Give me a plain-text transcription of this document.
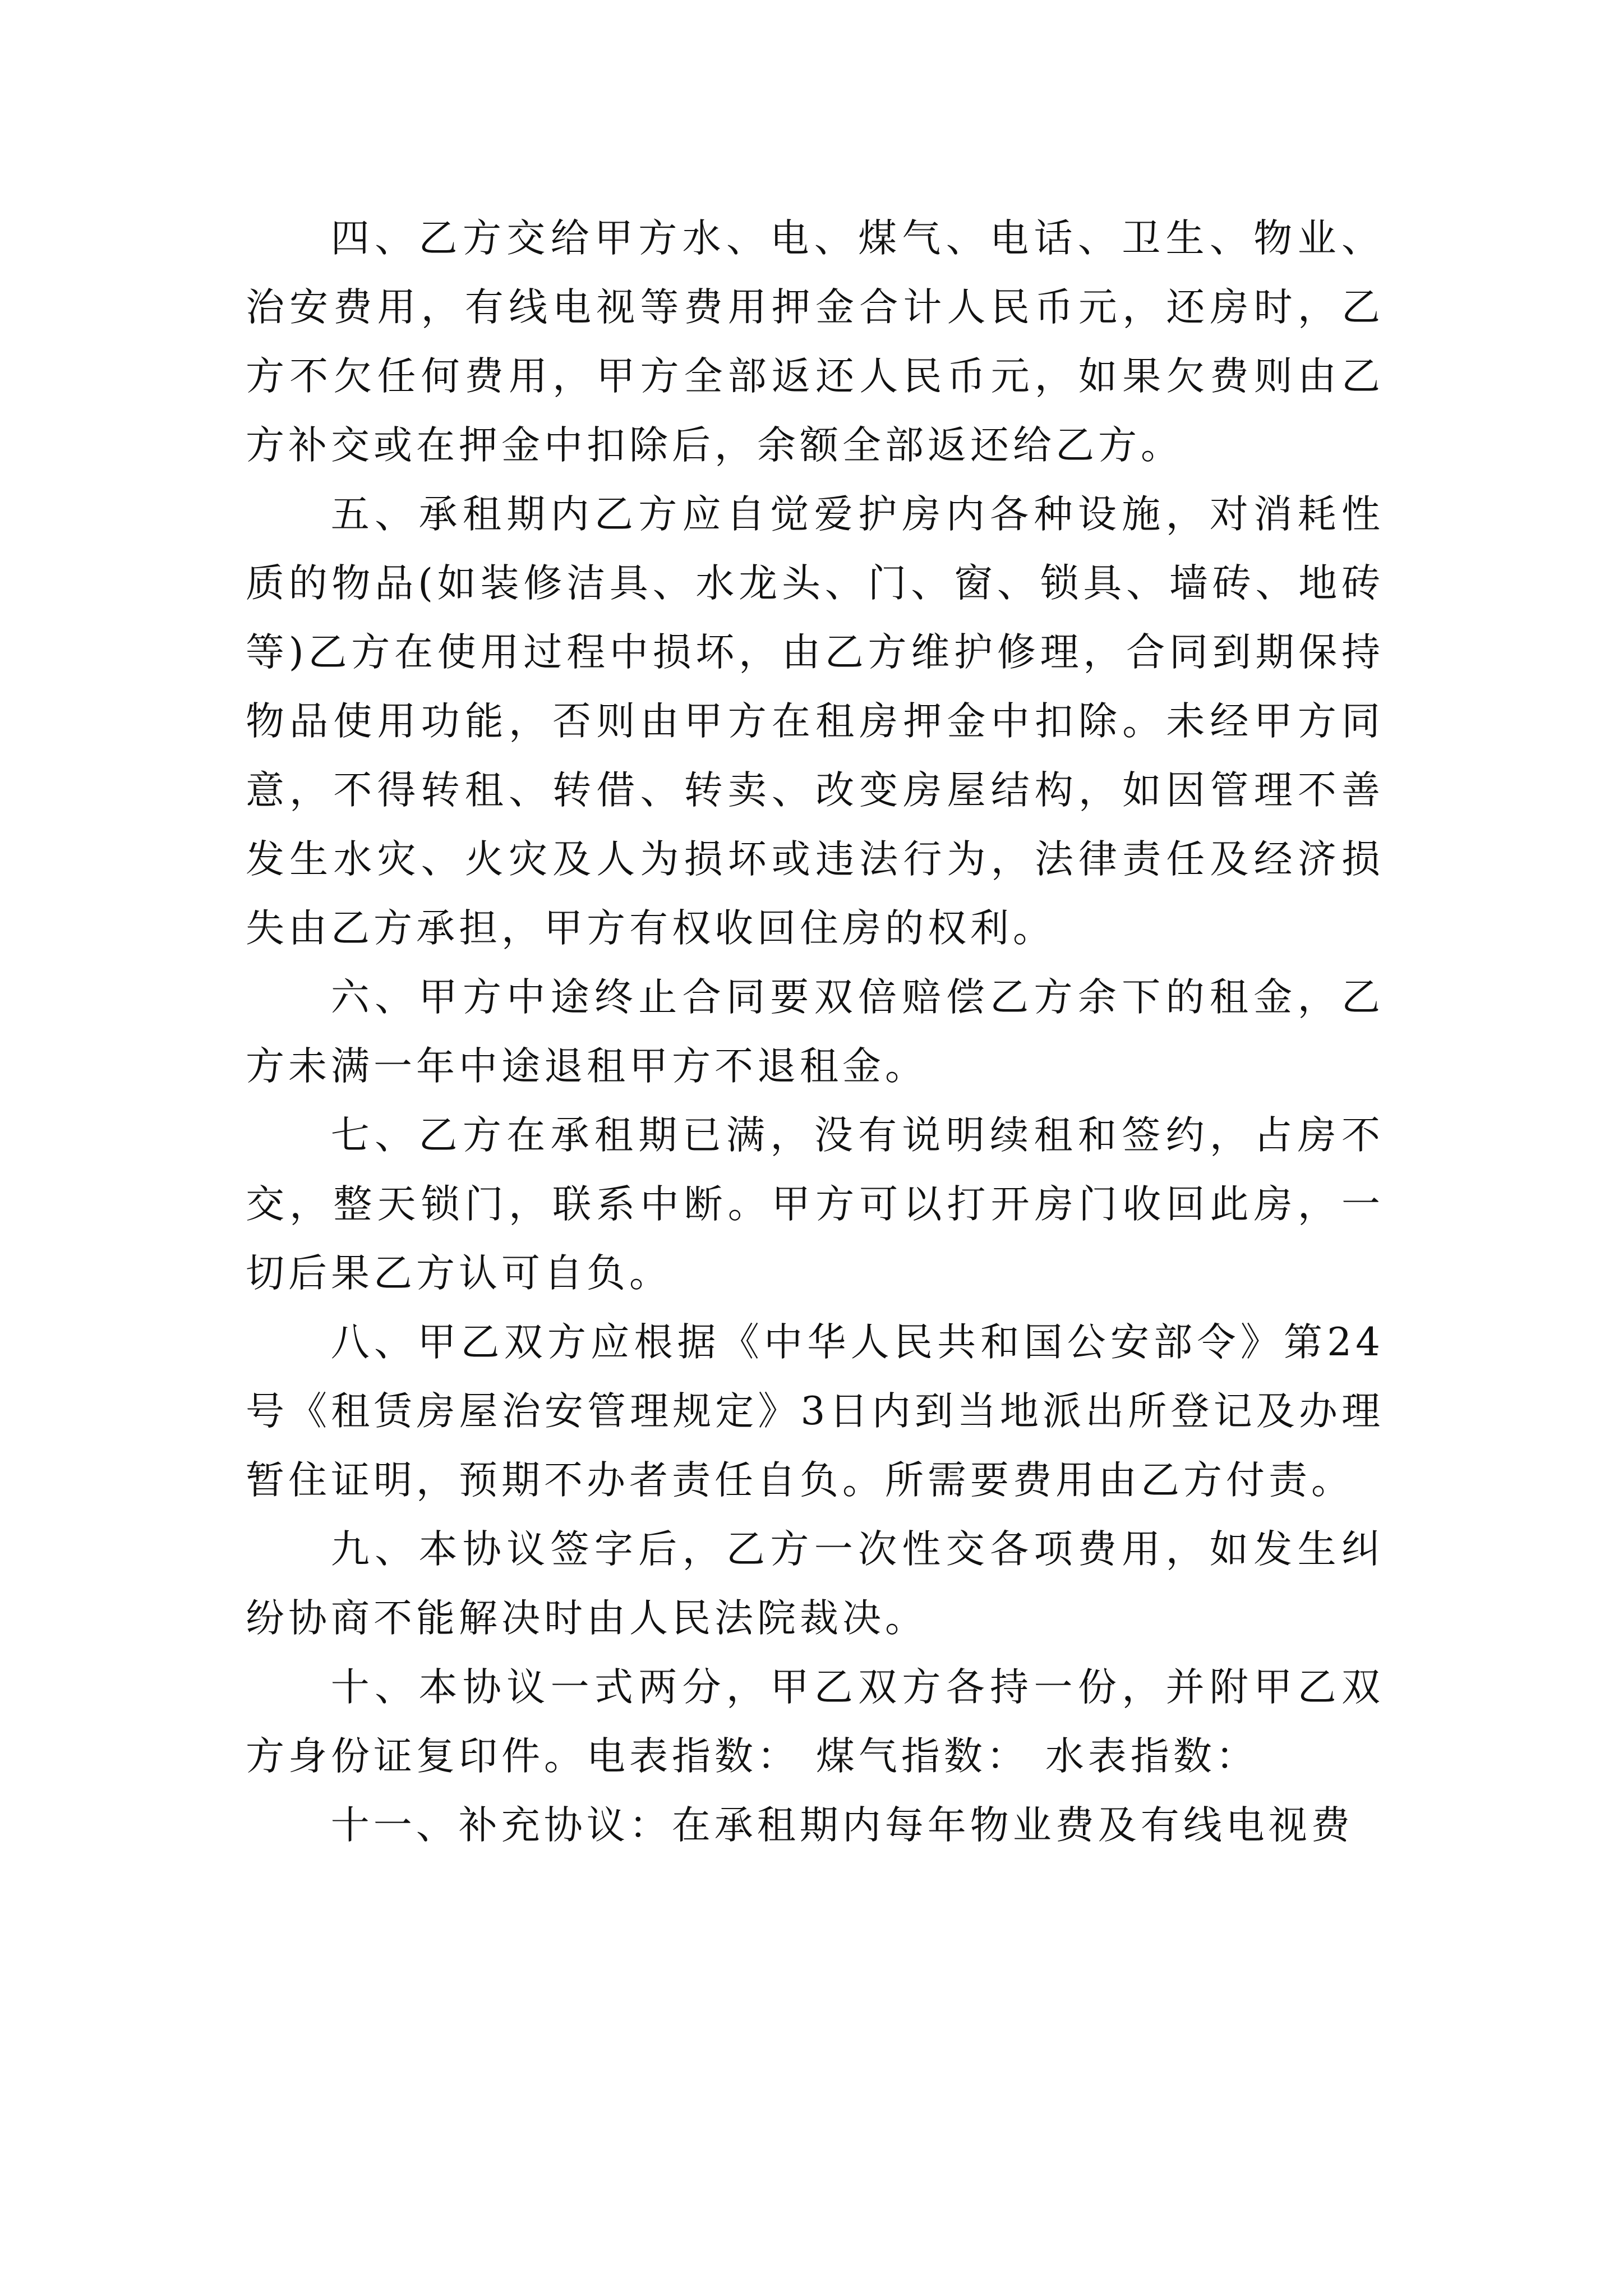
四、乙方交给甲方水、电、煤气、电话、卫生、物业、治安费用，有线电视等费用押金合计人民币元，还房时，乙方不欠任何费用，甲方全部返还人民币元，如果欠费则由乙方补交或在押金中扣除后，余额全部返还给乙方。

五、承租期内乙方应自觉爱护房内各种设施，对消耗性质的物品(如装修洁具、水龙头、门、窗、锁具、墙砖、地砖等)乙方在使用过程中损坏，由乙方维护修理，合同到期保持物品使用功能，否则由甲方在租房押金中扣除。未经甲方同意，不得转租、转借、转卖、改变房屋结构，如因管理不善发生水灾、火灾及人为损坏或违法行为，法律责任及经济损失由乙方承担，甲方有权收回住房的权利。

六、甲方中途终止合同要双倍赔偿乙方余下的租金，乙方未满一年中途退租甲方不退租金。

七、乙方在承租期已满，没有说明续租和签约，占房不交，整天锁门，联系中断。甲方可以打开房门收回此房，一切后果乙方认可自负。

八、甲乙双方应根据《中华人民共和国公安部令》第24号《租赁房屋治安管理规定》3日内到当地派出所登记及办理暂住证明，预期不办者责任自负。所需要费用由乙方付责。

九、本协议签字后，乙方一次性交各项费用，如发生纠纷协商不能解决时由人民法院裁决。

十、本协议一式两分，甲乙双方各持一份，并附甲乙双方身份证复印件。电表指数： 煤气指数： 水表指数：

十一、补充协议：在承租期内每年物业费及有线电视费
